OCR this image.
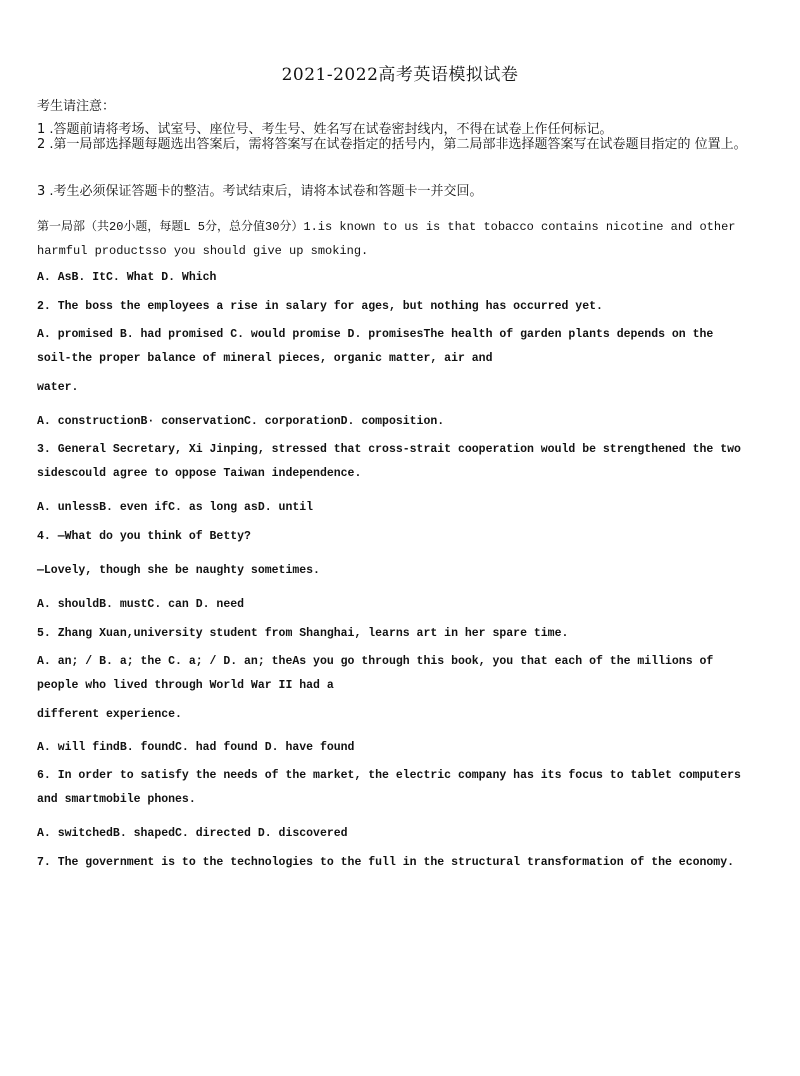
2021-2022高考英语模拟试卷
考生请注意：
1 .答题前请将考场、试室号、座位号、考生号、姓名写在试卷密封线内，不得在试卷上作任何标记。
2 .第一局部选择题每题选出答案后，需将答案写在试卷指定的括号内，第二局部非选择题答案写在试卷题目指定的 位置上。
3 .考生必须保证答题卡的整洁。考试结束后，请将本试卷和答题卡一并交回。
第一局部（共20小题，每题L 5分，总分值30分）1.is known to us is that tobacco contains nicotine and other harmful productsso you should give up smoking.
A. AsB. ItC. What D. Which
2. The boss the employees a rise in salary for ages, but nothing has occurred yet.
A. promised B. had promised C. would promise D. promisesThe health of garden plants depends on the soil-the proper balance of mineral pieces, organic matter, air and
water.
A. constructionB· conservationC. corporationD. composition.
3. General Secretary, Xi Jinping, stressed that cross-strait cooperation would be strengthened the two sidescould agree to oppose Taiwan independence.
A. unlessB. even ifC. as long asD. until
4. —What do you think of Betty?
—Lovely, though she be naughty sometimes.
A. shouldB. mustC. can D. need
5. Zhang Xuan,university student from Shanghai, learns art in her spare time.
A. an; / B. a; the C. a; / D. an; theAs you go through this book, you that each of the millions of people who lived through World War II had a
different experience.
A. will findB. foundC. had found D. have found
6. In order to satisfy the needs of the market, the electric company has its focus to tablet computers and smartmobile phones.
A. switchedB. shapedC. directed D. discovered
7. The government is to the technologies to the full in the structural transformation of the economy.
